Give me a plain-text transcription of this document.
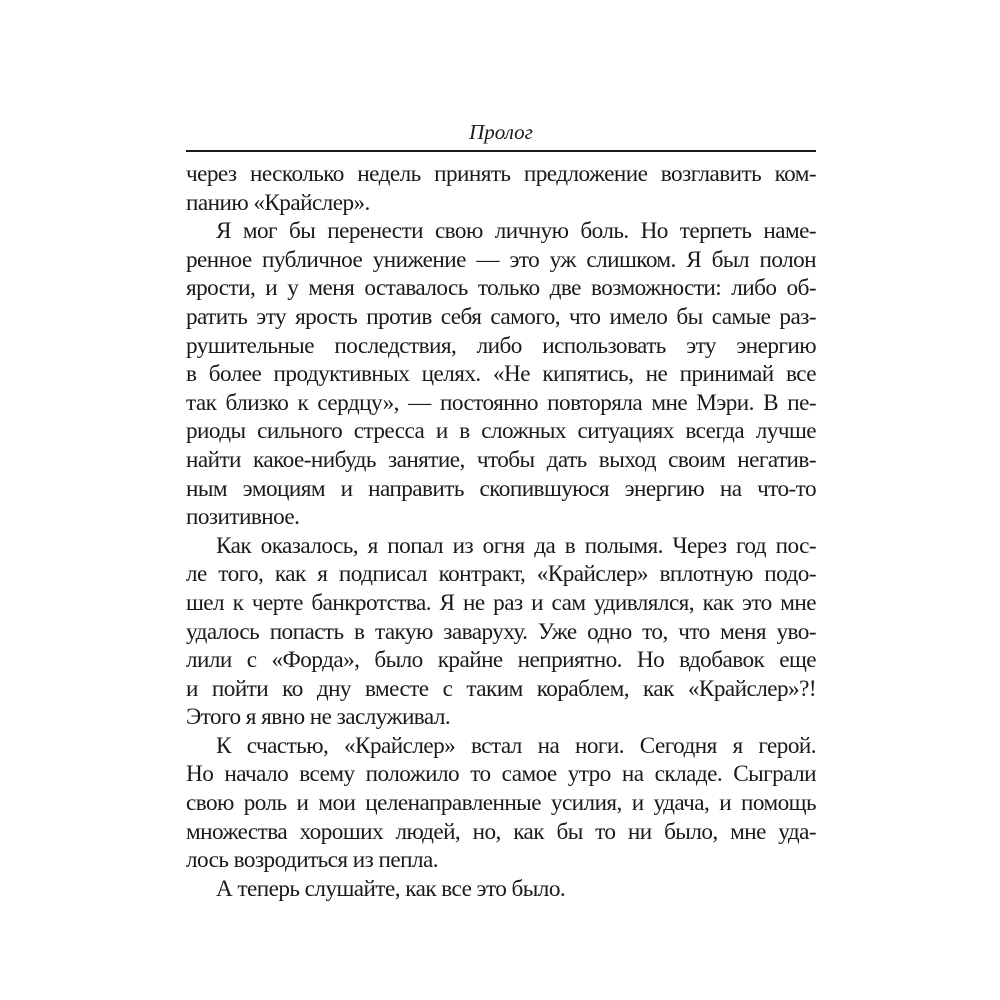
Пролог

через несколько недель принять предложение возглавить ком-
панию «Крайслер».

Я мог бы перенести свою личную боль. Но терпеть наме-
ренное публичное унижение — это уж слишком. Я был полон
ярости, и у меня оставалось только две возможности: либо об-
ратить эту ярость против себя самого, что имело бы самые раз-
рушительные последствия, либо использовать эту энергию
в более продуктивных целях. «Не кипятись, не принимай все
так близко к сердцу», — постоянно повторяла мне Мэри. В пе-
риоды сильного стресса и в сложных ситуациях всегда лучше
найти какое-нибудь занятие, чтобы дать выход своим негатив-
ным эмоциям и направить скопившуюся энергию на что-то
позитивное.

Как оказалось, я попал из огня да в полымя. Через год пос-
ле того, как я подписал контракт, «Крайслер» вплотную подо-
шел к черте банкротства. Я не раз и сам удивлялся, как это мне
удалось попасть в такую заваруху. Уже одно то, что меня уво-
лили с «Форда», было крайне неприятно. Но вдобавок еще
и пойти ко дну вместе с таким кораблем, как «Крайслер»?!
Этого я явно не заслуживал.

К счастью, «Крайслер» встал на ноги. Сегодня я герой.
Но начало всему положило то самое утро на складе. Сыграли
свою роль и мои целенаправленные усилия, и удача, и помощь
множества хороших людей, но, как бы то ни было, мне уда-
лось возродиться из пепла.

А теперь слушайте, как все это было.
